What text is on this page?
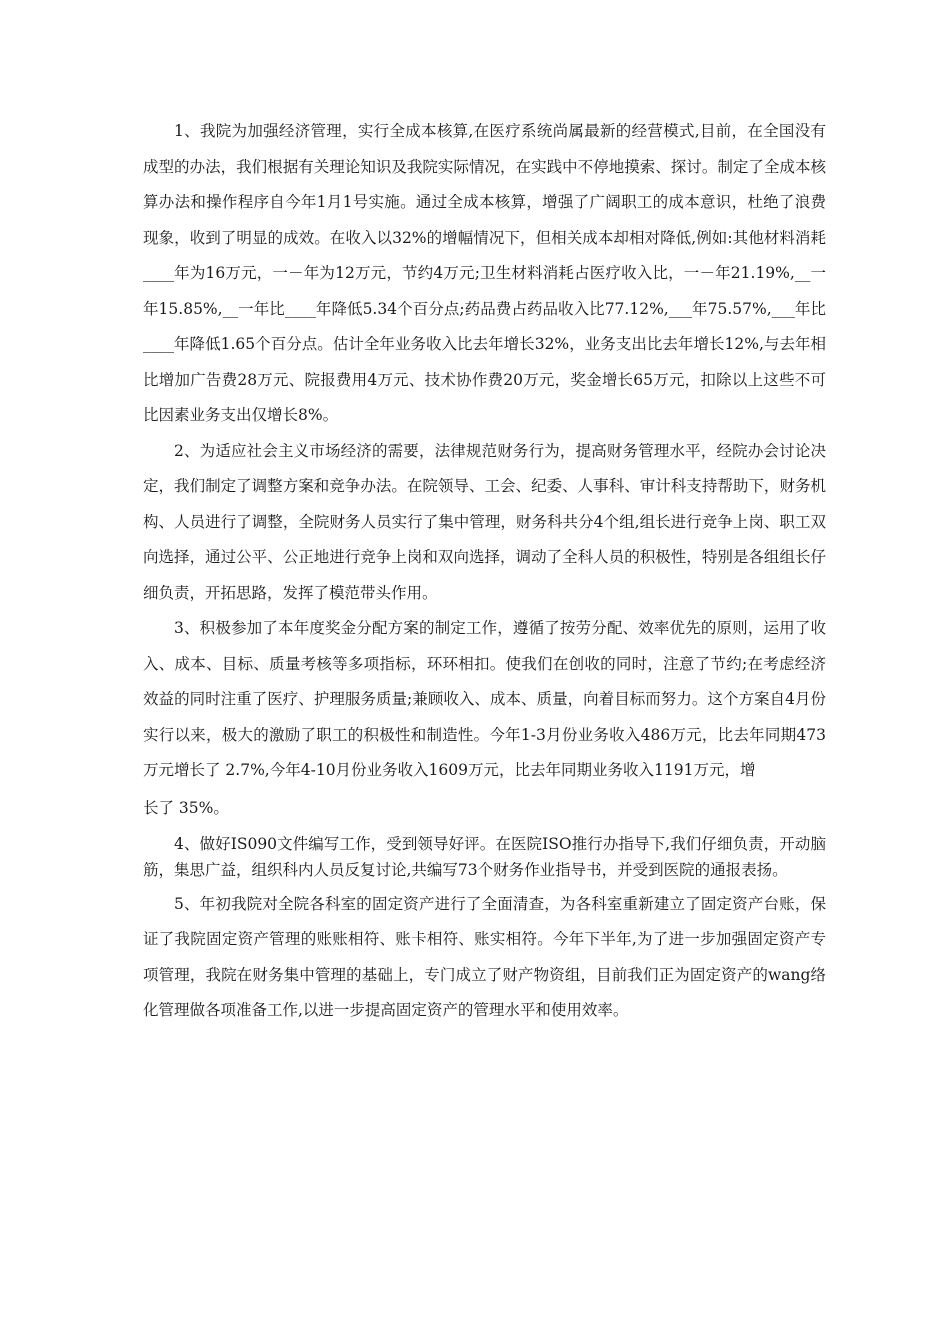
1、我院为加强经济管理，实行全成本核算,在医疗系统尚属最新的经营模式,目前，在全国没有成型的办法，我们根据有关理论知识及我院实际情况，在实践中不停地摸索、探讨。制定了全成本核算办法和操作程序自今年1月1号实施。通过全成本核算，增强了广阔职工的成本意识，杜绝了浪费现象，收到了明显的成效。在收入以32%的增幅情况下，但相关成本却相对降低,例如:其他材料消耗____年为16万元，一－年为12万元，节约4万元;卫生材料消耗占医疗收入比，一－年21.19%,__一年15.85%,__一年比____年降低5.34个百分点;药品费占药品收入比77.12%,___年75.57%,___年比____年降低1.65个百分点。估计全年业务收入比去年增长32%，业务支出比去年增长12%,与去年相比增加广告费28万元、院报费用4万元、技术协作费20万元，奖金增长65万元，扣除以上这些不可比因素业务支出仅增长8%。

2、为适应社会主义市场经济的需要，法律规范财务行为，提高财务管理水平，经院办会讨论决定，我们制定了调整方案和竞争办法。在院领导、工会、纪委、人事科、审计科支持帮助下，财务机构、人员进行了调整，全院财务人员实行了集中管理，财务科共分4个组,组长进行竞争上岗、职工双向选择，通过公平、公正地进行竞争上岗和双向选择，调动了全科人员的积极性，特别是各组组长仔细负责，开拓思路，发挥了模范带头作用。

3、积极参加了本年度奖金分配方案的制定工作，遵循了按劳分配、效率优先的原则，运用了收入、成本、目标、质量考核等多项指标，环环相扣。使我们在创收的同时，注意了节约;在考虑经济效益的同时注重了医疗、护理服务质量;兼顾收入、成本、质量，向着目标而努力。这个方案自4月份实行以来，极大的激励了职工的积极性和制造性。今年1-3月份业务收入486万元，比去年同期473万元增长了 2.7%,今年4-10月份业务收入1609万元，比去年同期业务收入1191万元，增

长了 35%。

4、做好IS090文件编写工作，受到领导好评。在医院ISO推行办指导下,我们仔细负责，开动脑筋，集思广益，组织科内人员反复讨论,共编写73个财务作业指导书，并受到医院的通报表扬。

5、年初我院对全院各科室的固定资产进行了全面清查，为各科室重新建立了固定资产台账，保证了我院固定资产管理的账账相符、账卡相符、账实相符。今年下半年,为了进一步加强固定资产专项管理，我院在财务集中管理的基础上，专门成立了财产物资组，目前我们正为固定资产的wang络化管理做各项准备工作,以进一步提高固定资产的管理水平和使用效率。
